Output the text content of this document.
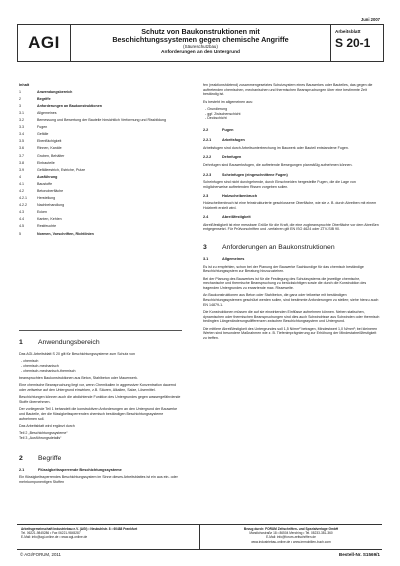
Juni 2007
AGI
Schutz von Baukonstruktionen mit
Beschichtungssystemen gegen chemische Angriffe
(Säureschutzbau)
Anforderungen an den Untergrund
Arbeitsblatt
S 20-1
Inhalt
1	Anwendungsbereich
2	Begriffe
3	Anforderungen an Baukonstruktionen
3.1	Allgemeines
3.2	Bemessung und Bewertung der Bauteile hinsichtlich Verformung und Rissbildung
3.3	Fugen
3.4	Gefälle
3.5	Ebenflächigkeit
3.6	Rinnen, Kanäle
3.7	Gruben, Behälter
3.8	Einbauteile
3.9	Gefälleestrich, Estriche, Putze
4	Ausführung
4.1	Baustoffe
4.2	Betonoberfläche
4.2.1	Herstellung
4.2.2	Nachbehandlung
4.3	Ecken
4.4	Kanten, Kehlen
4.5	Restfeuchte
5	Normen, Vorschriften, Richtlinien
1	Anwendungsbereich

Das AGI-Arbeitsblatt S 20 gilt für Beschichtungssysteme zum Schutz von

- chemisch
- chemisch-mechanisch
- chemisch-mechanisch-thermisch

beanspruchten Baukonstruktionen aus Beton, Stahlbeton oder Mauerwerk.

Eine chemische Beanspruchung liegt vor, wenn Chemikalien in aggressiver Konzentration dauernd oder zeitweise auf den Untergrund einwirken, z.B. Säuren, Alkalien, Salze, Lösemittel.

Beschichtungen können auch die abdichtende Funktion des Untergrundes gegen wassergefährdende Stoffe übernehmen.

Der vorliegende Teil 1 behandelt die konstruktiven Anforderungen an den Untergrund der Bauwerke und Bauteile, der die flüssigkeitssperrenden chemisch beständigen Beschichtungssysteme aufnehmen soll.

Das Arbeitsblatt wird ergänzt durch

Teil 2 „Beschichtungssysteme“
Teil 3 „Ausführungsdetails“
2	Begriffe
2.1	Flüssigkeitssperrende Beschichtungssysteme

Ein flüssigkeitssperrendes Beschichtungssystem im Sinne dieses Arbeitsblattes ist ein aus ein- oder mehrkomponentigen Stoffen

fen (reaktionshärtend) zusammengesetztes Schutzsystem eines Bauwerkes oder Bauteiles, das gegen die auftretenden chemischen, mechanischen und thermischen Beanspruchungen über eine bestimmte Zeit beständig ist.

Es besteht im allgemeinen aus:

- Grundierung
- ggf. Zwischenschicht
- Deckschicht
2.2	Fugen
2.2.1	Arbeitsfugen

Arbeitsfugen sind durch Arbeitsunterbrechung im Bauwerk oder Bauteil entstandene Fugen.

2.2.2	Dehnfugen

Dehnfugen sind Bauwerksfugen, die auftretende Bewegungen planmäßig aufnehmen können.

2.2.3	Scheinfugen (eingeschnittene Fugen)

Scheinfugen sind nicht durchgehende, durch Einschneiden hergestellte Fugen, die die Lage von möglicherweise auftretenden Rissen vorgeben sollen.

2.3	Holzscheibenbruch

Holzscheibenbruch ist eine feinstrukturierte geschlossene Oberfläche, wie sie z. B. durch Abreiben mit einem Holzbrett erzielt wird.

2.4	Abreißfestigkeit

Abreißfestigkeit ist eine messbare Größe für die Kraft, die eine zugbeanspruchte Oberfläche vor dem Abreißen entgegensetzt. Für Prüfvorschriften und -verfahren gilt EN ISO 4624 oder ZTV-SIB 90.

3	Anforderungen an Baukonstruktionen
3.1	Allgemeines

Es ist zu empfehlen, schon bei der Planung der Bauwerke Sachkundige für das chemisch beständige Beschichtungssystem zur Beratung hinzuzuziehen.

Bei der Planung des Bauwerkes ist für die Festlegung des Schutzsystems die jeweilige chemische, mechanische und thermische Beanspruchung zu berücksichtigen sowie die durch die Konstruktion des tragenden Untergrundes zu erwartende max. Risseweite.

An Baukonstruktionen aus Beton oder Stahlbeton, die ganz oder teilweise mit beständigen Beschichtungssystemen geschützt werden sollen, sind bestimmte Anforderungen zu stellen; siehe hierzu auch EN 14879-1.

Die Konstruktionen müssen die auf sie einwirkenden Einflüsse aufnehmen können. Neben statischen, dynamischen oder thermischen Beanspruchungen sind dies auch Schwindrisse aus Schwinden oder thermisch bedingten Längenänderungsdifferenzen zwischen Beschichtungssystem und Untergrund.

Die mittlere Abreißfestigkeit des Untergrundes soll 1,5 N/mm² betragen, Mindestwert 1,0 N/mm²; bei kleineren Werten sind besondere Maßnahmen wie z. B. Tiefenimprägnierung zur Erhöhung der Mindestabreißfestigkeit zu treffen.

Arbeitsgemeinschaft Industriebau e.V. (AGI) • Neubuhlstr. 8 • 60488 Frankfurt
Tel. 06221-9845286 • Fax 06221-9845287
E-Mail: info@agi-online.de • www.agi-online.de
Bezug durch: FORUM Zeitschriften- und Spezialverlage GmbH
Mandichostraße 18 • 86504 Merching • Tel. 08233-381-360
E-Mail: info@forum-zeitschriften.de
www.industriebau-online.de • www.immobilien-buch.com
© AGI/FORUM, 2011	Bestell-Nr. S1569/1
